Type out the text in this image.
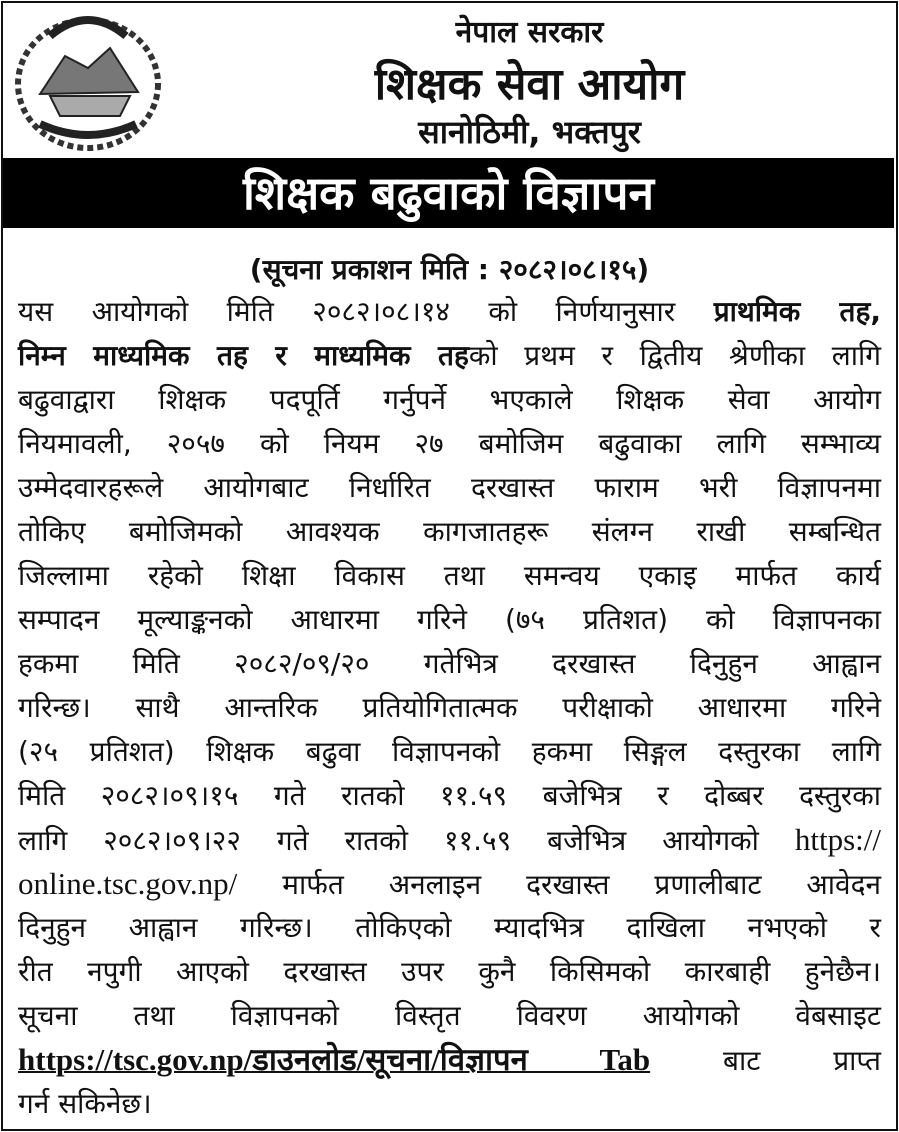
नेपाल सरकार
शिक्षक सेवा आयोग
सानोठिमी, भक्तपुर
शिक्षक बढुवाको विज्ञापन
(सूचना प्रकाशन मिति : २०८२।०८।१५)
यस आयोगको मिति २०८२।०८।१४ को निर्णयानुसार प्राथमिक तह,
निम्न माध्यमिक तह र माध्यमिक तहको प्रथम र द्वितीय श्रेणीका लागि
बढुवाद्वारा शिक्षक पदपूर्ति गर्नुपर्ने भएकाले शिक्षक सेवा आयोग
नियमावली, २०५७ को नियम २७ बमोजिम बढुवाका लागि सम्भाव्य
उम्मेदवारहरूले आयोगबाट निर्धारित दरखास्त फाराम भरी विज्ञापनमा
तोकिए बमोजिमको आवश्यक कागजातहरू संलग्न राखी सम्बन्धित
जिल्लामा रहेको शिक्षा विकास तथा समन्वय एकाइ मार्फत कार्य
सम्पादन मूल्याङ्कनको आधारमा गरिने (७५ प्रतिशत) को विज्ञापनका
हकमा मिति २०८२/०९/२० गतेभित्र दरखास्त दिनुहुन आह्वान
गरिन्छ। साथै आन्तरिक प्रतियोगितात्मक परीक्षाको आधारमा गरिने
(२५ प्रतिशत) शिक्षक बढुवा विज्ञापनको हकमा सिङ्गल दस्तुरका लागि
मिति २०८२।०९।१५ गते रातको ११.५९ बजेभित्र र दोब्बर दस्तुरका
लागि २०८२।०९।२२ गते रातको ११.५९ बजेभित्र आयोगको https://
online.tsc.gov.np/ मार्फत अनलाइन दरखास्त प्रणालीबाट आवेदन
दिनुहुन आह्वान गरिन्छ। तोकिएको म्यादभित्र दाखिला नभएको र
रीत नपुगी आएको दरखास्त उपर कुनै किसिमको कारबाही हुनेछैन।
सूचना तथा विज्ञापनको विस्तृत विवरण आयोगको वेबसाइट
https://tsc.gov.np/डाउनलोड/सूचना/विज्ञापन Tab बाट प्राप्त
गर्न सकिनेछ।
